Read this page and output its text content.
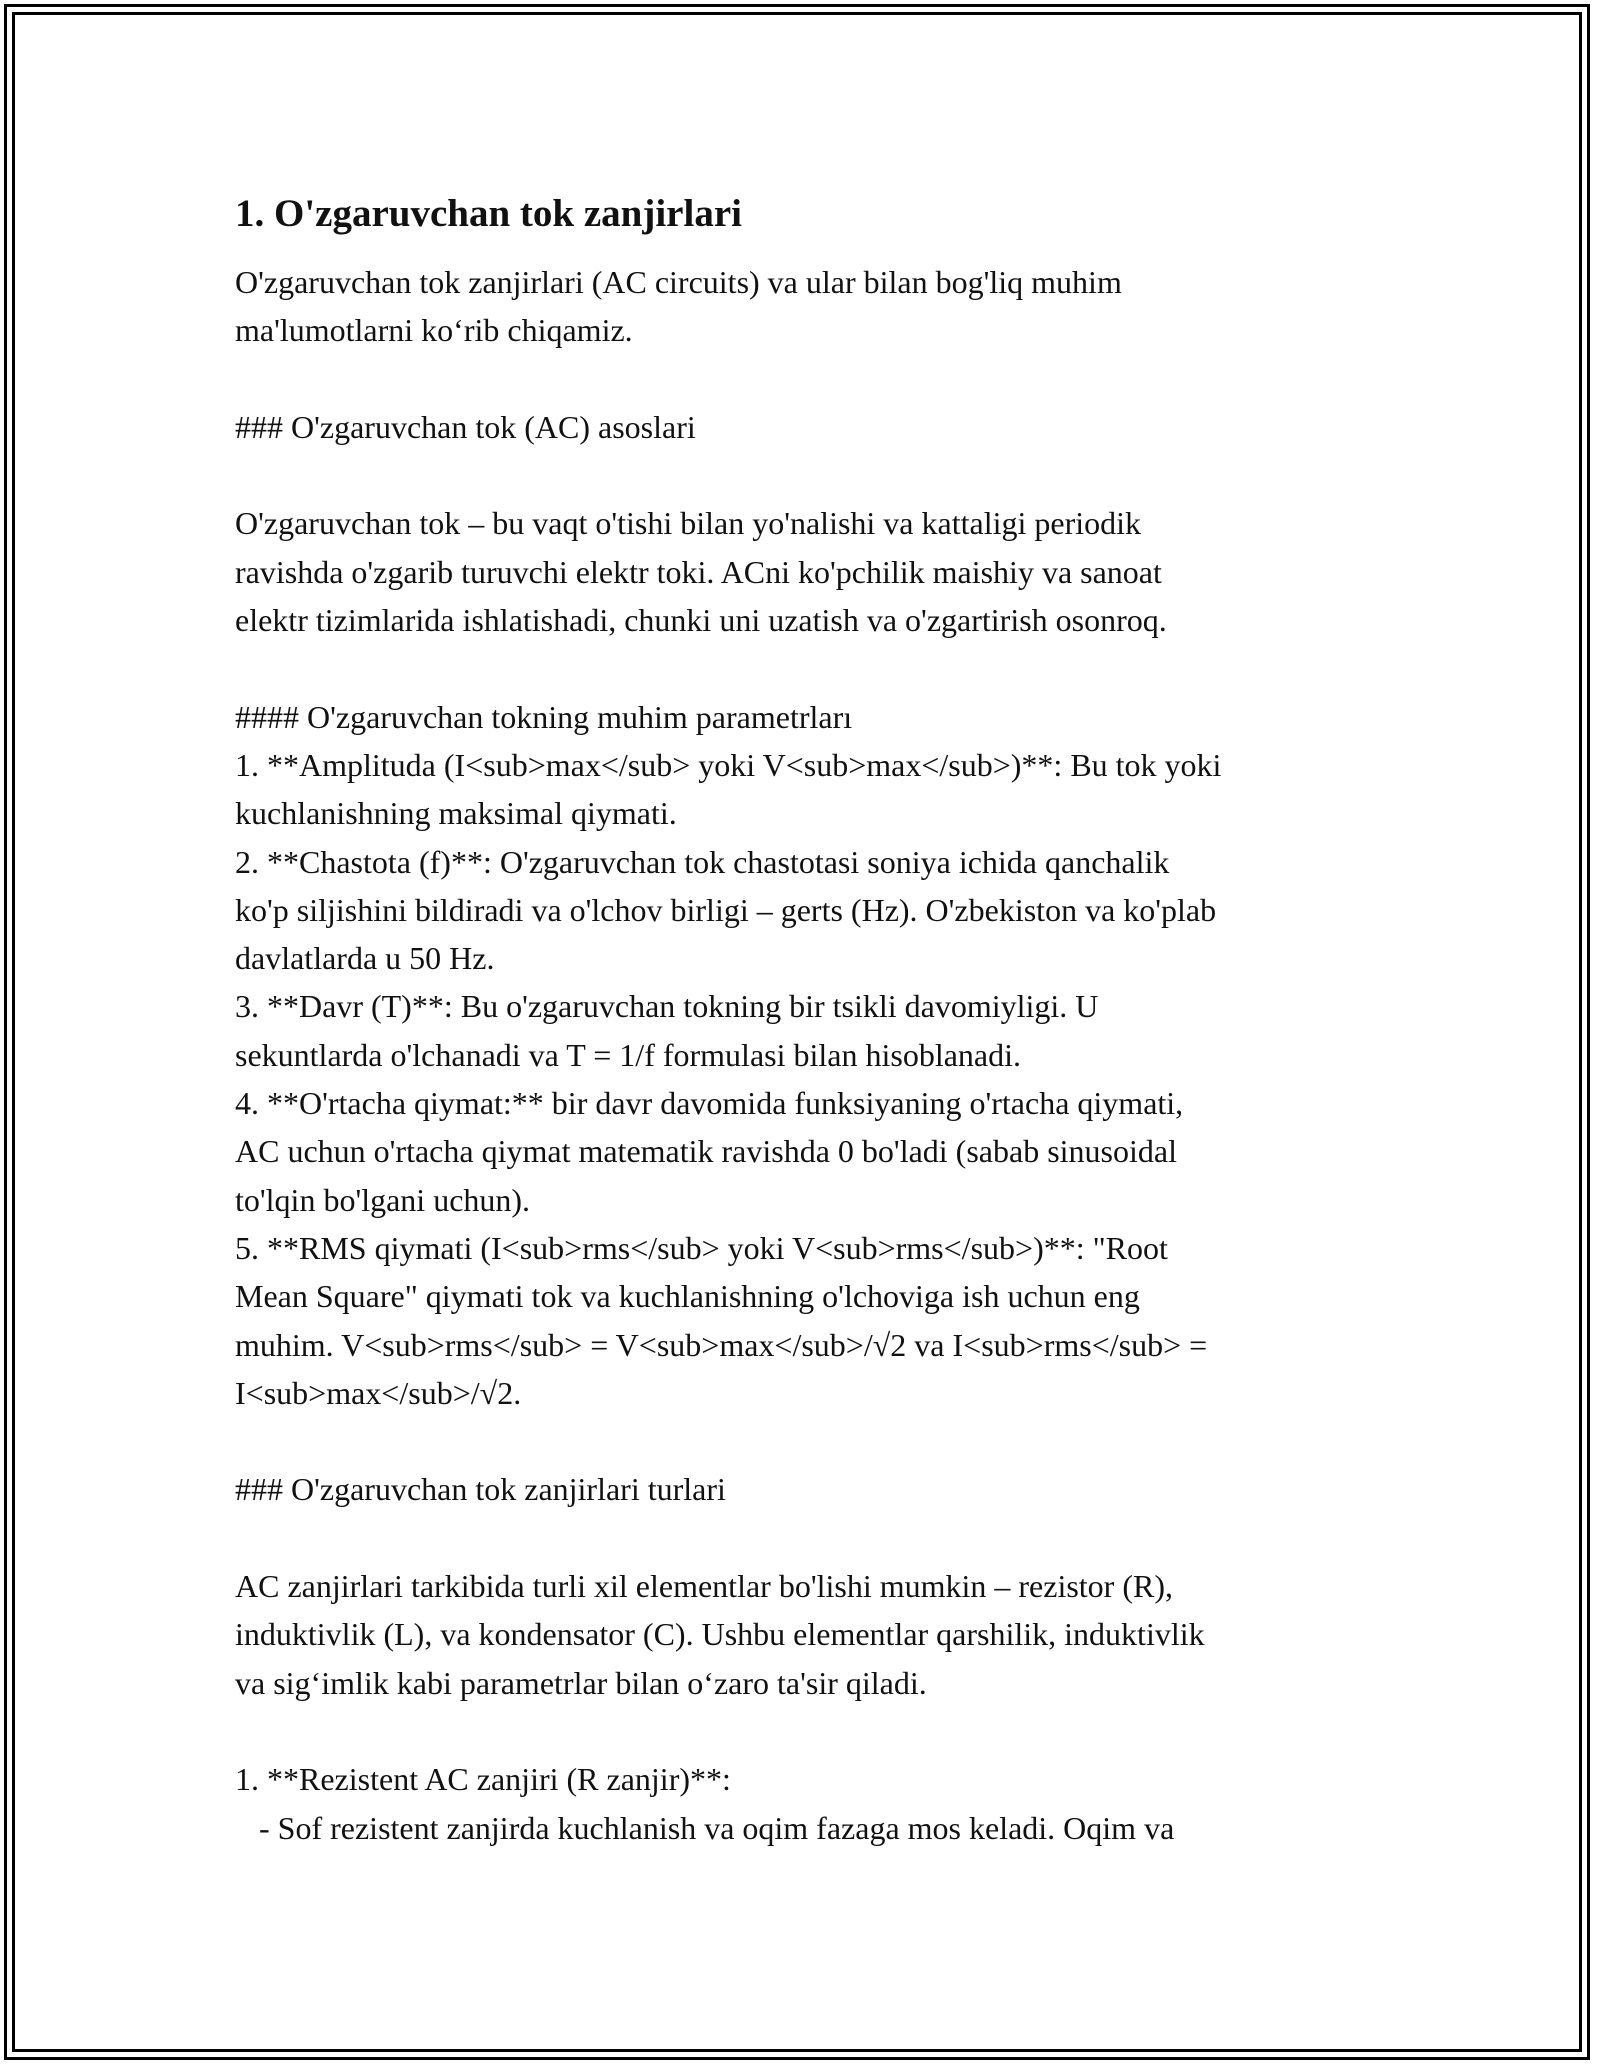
1. O'zgaruvchan tok zanjirlari

O'zgaruvchan tok zanjirlari (AC circuits) va ular bilan bog'liq muhim
ma'lumotlarni ko‘rib chiqamiz.

### O'zgaruvchan tok (AC) asoslari

O'zgaruvchan tok – bu vaqt o'tishi bilan yo'nalishi va kattaligi periodik
ravishda o'zgarib turuvchi elektr toki. ACni ko'pchilik maishiy va sanoat
elektr tizimlarida ishlatishadi, chunki uni uzatish va o'zgartirish osonroq.

#### O'zgaruvchan tokning muhim parametrları

1. **Amplituda (I<sub>max</sub> yoki V<sub>max</sub>)**: Bu tok yoki
kuchlanishning maksimal qiymati.

2. **Chastota (f)**: O'zgaruvchan tok chastotasi soniya ichida qanchalik
ko'p siljishini bildiradi va o'lchov birligi – gerts (Hz). O'zbekiston va ko'plab
davlatlarda u 50 Hz.

3. **Davr (T)**: Bu o'zgaruvchan tokning bir tsikli davomiyligi. U
sekuntlarda o'lchanadi va T = 1/f formulasi bilan hisoblanadi.

4. **O'rtacha qiymat:** bir davr davomida funksiyaning o'rtacha qiymati,
AC uchun o'rtacha qiymat matematik ravishda 0 bo'ladi (sabab sinusoidal
to'lqin bo'lgani uchun).

5. **RMS qiymati (I<sub>rms</sub> yoki V<sub>rms</sub>)**: "Root
Mean Square" qiymati tok va kuchlanishning o'lchoviga ish uchun eng
muhim. V<sub>rms</sub> = V<sub>max</sub>/√2 va I<sub>rms</sub> =
I<sub>max</sub>/√2.

### O'zgaruvchan tok zanjirlari turlari

AC zanjirlari tarkibida turli xil elementlar bo'lishi mumkin – rezistor (R),
induktivlik (L), va kondensator (C). Ushbu elementlar qarshilik, induktivlik
va sig‘imlik kabi parametrlar bilan o‘zaro ta'sir qiladi.

1. **Rezistent AC zanjiri (R zanjir)**:
- Sof rezistent zanjirda kuchlanish va oqim fazaga mos keladi. Oqim va
